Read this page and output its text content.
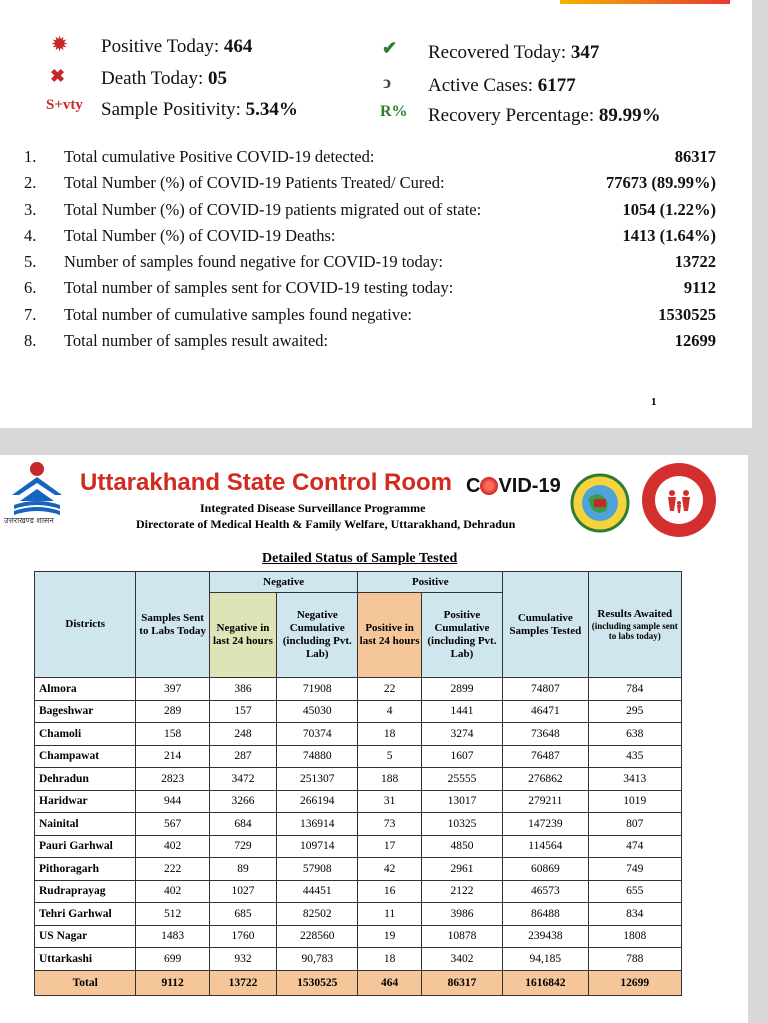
✹ Positive Today: 464
✖ Death Today: 05
S+vty Sample Positivity: 5.34%
✔ Recovered Today: 347
ↄ Active Cases: 6177
R% Recovery Percentage: 89.99%
1. Total cumulative Positive COVID-19 detected:	86317
2. Total Number (%) of COVID-19 Patients Treated/ Cured:	77673 (89.99%)
3. Total Number (%) of COVID-19 patients migrated out of state:	1054 (1.22%)
4. Total Number (%) of COVID-19 Deaths:	1413 (1.64%)
5. Number of samples found negative for COVID-19 today:	13722
6. Total number of samples sent for COVID-19 testing today:	9112
7. Total number of cumulative samples found negative:	1530525
8. Total number of samples result awaited:	12699
1
उत्तराखण्ड शासन
Uttarakhand State Control Room C VID-19
Integrated Disease Surveillance Programme
Directorate of Medical Health & Family Welfare, Uttarakhand, Dehradun
Detailed Status of Sample Tested
Districts	Samples Sent to Labs Today	Negative		Positive		Cumulative Samples Tested	Results Awaited
(including sample sent to labs today)

		Negative in last 24 hours	Negative Cumulative (including Pvt. Lab)	Positive in last 24 hours	Positive Cumulative (including Pvt. Lab)		
Almora	397	386	71908	22	2899	74807	784
Bageshwar	289	157	45030	4	1441	46471	295
Chamoli	158	248	70374	18	3274	73648	638
Champawat	214	287	74880	5	1607	76487	435
Dehradun	2823	3472	251307	188	25555	276862	3413
Haridwar	944	3266	266194	31	13017	279211	1019
Nainital	567	684	136914	73	10325	147239	807
Pauri Garhwal	402	729	109714	17	4850	114564	474
Pithoragarh	222	89	57908	42	2961	60869	749
Rudraprayag	402	1027	44451	16	2122	46573	655
Tehri Garhwal	512	685	82502	11	3986	86488	834
US Nagar	1483	1760	228560	19	10878	239438	1808
Uttarkashi	699	932	90,783	18	3402	94,185	788
Total	9112	13722	1530525	464	86317	1616842	12699
